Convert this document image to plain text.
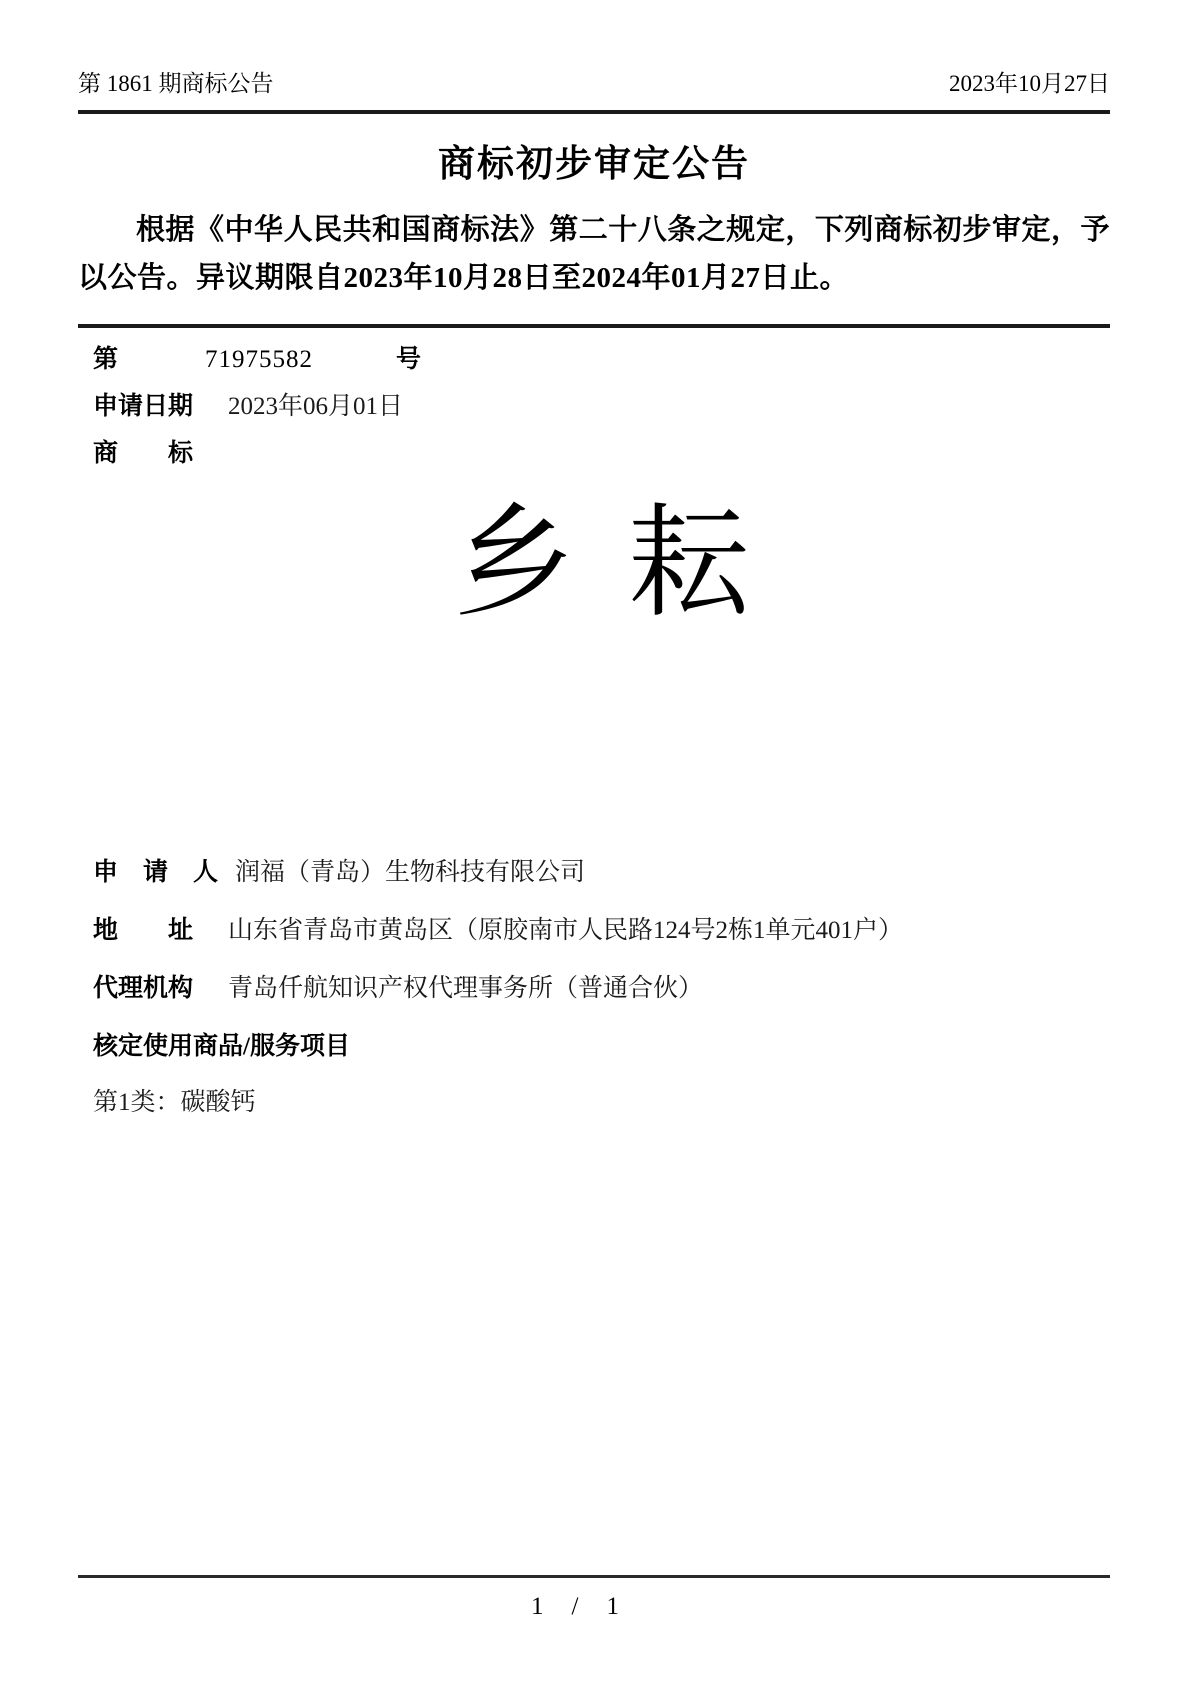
第 1861 期商标公告	2023年10月27日
商标初步审定公告

根据《中华人民共和国商标法》第二十八条之规定，下列商标初步审定，予以公告。异议期限自2023年10月28日至2024年01月27日止。

第	71975582	号
申请日期 2023年06月01日
商　　标
乡 耘
申　请　人 润福（青岛）生物科技有限公司
地　　址 山东省青岛市黄岛区（原胶南市人民路124号2栋1单元401户）
代理机构 青岛仟航知识产权代理事务所（普通合伙）
核定使用商品/服务项目
第1类：碳酸钙
1 / 1
